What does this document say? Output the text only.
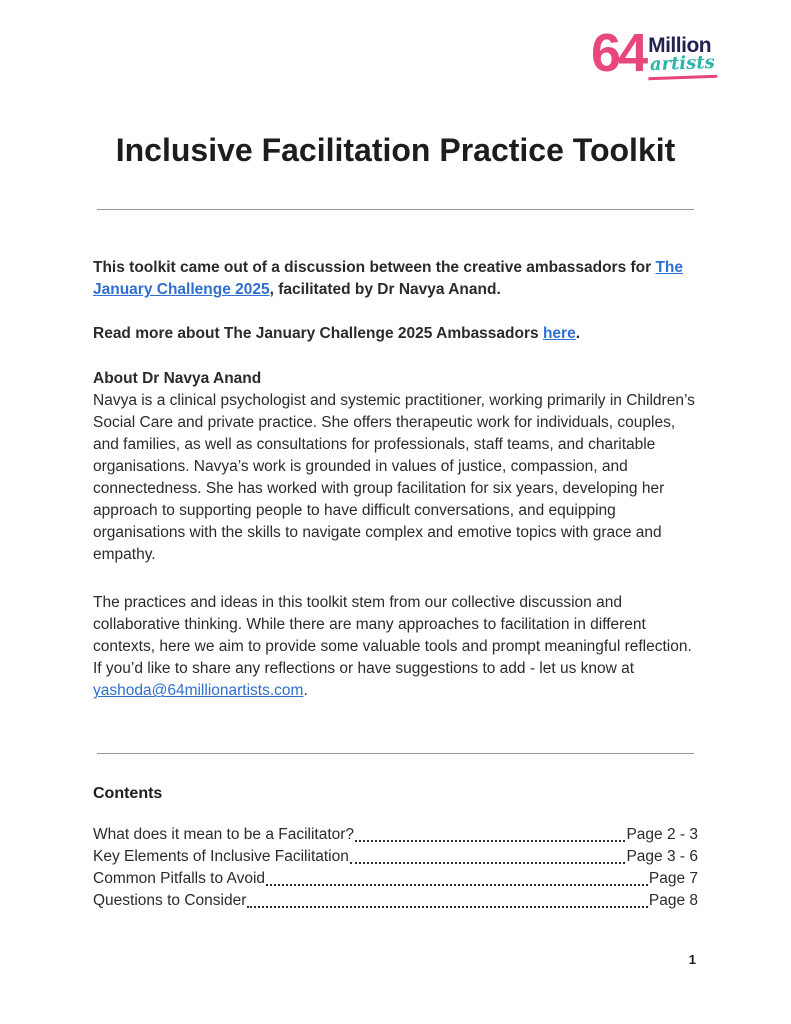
64 Million
artists
Inclusive Facilitation Practice Toolkit

This toolkit came out of a discussion between the creative ambassadors for The January Challenge 2025, facilitated by Dr Navya Anand.

Read more about The January Challenge 2025 Ambassadors here.

About Dr Navya Anand
Navya is a clinical psychologist and systemic practitioner, working primarily in Children’s Social Care and private practice. She offers therapeutic work for individuals, couples, and families, as well as consultations for professionals, staff teams, and charitable organisations. Navya’s work is grounded in values of justice, compassion, and connectedness. She has worked with group facilitation for six years, developing her approach to supporting people to have difficult conversations, and equipping organisations with the skills to navigate complex and emotive topics with grace and empathy.

The practices and ideas in this toolkit stem from our collective discussion and collaborative thinking. While there are many approaches to facilitation in different contexts, here we aim to provide some valuable tools and prompt meaningful reflection. If you’d like to share any reflections or have suggestions to add - let us know at yashoda@64millionartists.com.

Contents
What does it mean to be a Facilitator?	Page 2 - 3
Key Elements of Inclusive Facilitation	Page 3 - 6
Common Pitfalls to Avoid	Page 7
Questions to Consider	Page 8
1
